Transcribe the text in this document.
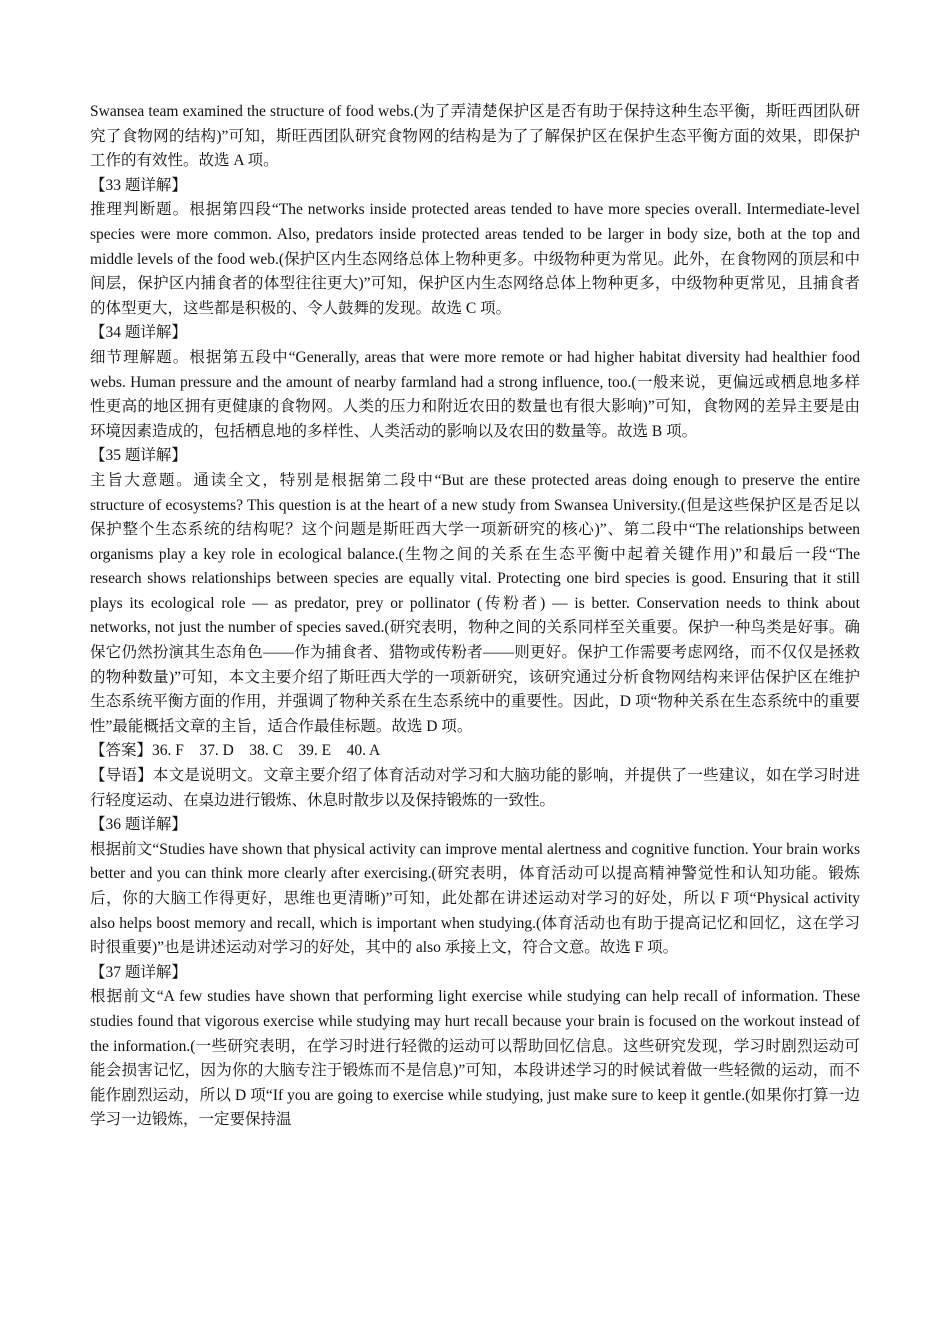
Swansea team examined the structure of food webs.(为了弄清楚保护区是否有助于保持这种生态平衡，斯旺西团队研究了食物网的结构)”可知，斯旺西团队研究食物网的结构是为了了解保护区在保护生态平衡方面的效果，即保护工作的有效性。故选 A 项。

【33 题详解】

推理判断题。根据第四段“The networks inside protected areas tended to have more species overall. Intermediate-level species were more common. Also, predators inside protected areas tended to be larger in body size, both at the top and middle levels of the food web.(保护区内生态网络总体上物种更多。中级物种更为常见。此外，在食物网的顶层和中间层，保护区内捕食者的体型往往更大)”可知，保护区内生态网络总体上物种更多，中级物种更常见，且捕食者的体型更大，这些都是积极的、令人鼓舞的发现。故选 C 项。

【34 题详解】

细节理解题。根据第五段中“Generally, areas that were more remote or had higher habitat diversity had healthier food webs. Human pressure and the amount of nearby farmland had a strong influence, too.(一般来说，更偏远或栖息地多样性更高的地区拥有更健康的食物网。人类的压力和附近农田的数量也有很大影响)”可知，食物网的差异主要是由环境因素造成的，包括栖息地的多样性、人类活动的影响以及农田的数量等。故选 B 项。

【35 题详解】

主旨大意题。通读全文，特别是根据第二段中“But are these protected areas doing enough to preserve the entire structure of ecosystems? This question is at the heart of a new study from Swansea University.(但是这些保护区是否足以保护整个生态系统的结构呢？这个问题是斯旺西大学一项新研究的核心)”、第二段中“The relationships between organisms play a key role in ecological balance.(生物之间的关系在生态平衡中起着关键作用)”和最后一段“The research shows relationships between species are equally vital. Protecting one bird species is good. Ensuring that it still plays its ecological role — as predator, prey or pollinator (传粉者) — is better. Conservation needs to think about networks, not just the number of species saved.(研究表明，物种之间的关系同样至关重要。保护一种鸟类是好事。确保它仍然扮演其生态角色——作为捕食者、猎物或传粉者——则更好。保护工作需要考虑网络，而不仅仅是拯救的物种数量)”可知，本文主要介绍了斯旺西大学的一项新研究，该研究通过分析食物网结构来评估保护区在维护生态系统平衡方面的作用，并强调了物种关系在生态系统中的重要性。因此，D 项“物种关系在生态系统中的重要性”最能概括文章的主旨，适合作最佳标题。故选 D 项。

【答案】36. F    37. D    38. C    39. E    40. A

【导语】本文是说明文。文章主要介绍了体育活动对学习和大脑功能的影响，并提供了一些建议，如在学习时进行轻度运动、在桌边进行锻炼、休息时散步以及保持锻炼的一致性。

【36 题详解】

根据前文“Studies have shown that physical activity can improve mental alertness and cognitive function. Your brain works better and you can think more clearly after exercising.(研究表明，体育活动可以提高精神警觉性和认知功能。锻炼后，你的大脑工作得更好，思维也更清晰)”可知，此处都在讲述运动对学习的好处，所以 F 项“Physical activity also helps boost memory and recall, which is important when studying.(体育活动也有助于提高记忆和回忆，这在学习时很重要)”也是讲述运动对学习的好处，其中的 also 承接上文，符合文意。故选 F 项。

【37 题详解】

根据前文“A few studies have shown that performing light exercise while studying can help recall of information. These studies found that vigorous exercise while studying may hurt recall because your brain is focused on the workout instead of the information.(一些研究表明，在学习时进行轻微的运动可以帮助回忆信息。这些研究发现，学习时剧烈运动可能会损害记忆，因为你的大脑专注于锻炼而不是信息)”可知，本段讲述学习的时候试着做一些轻微的运动，而不能作剧烈运动，所以 D 项“If you are going to exercise while studying, just make sure to keep it gentle.(如果你打算一边学习一边锻炼，一定要保持温
